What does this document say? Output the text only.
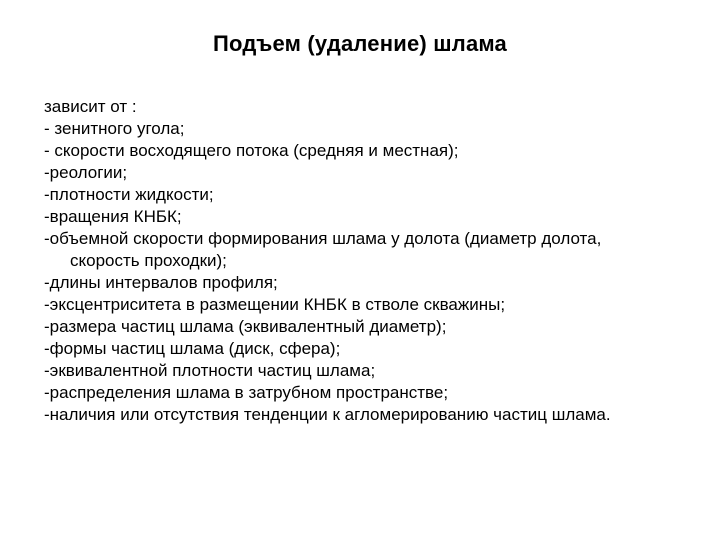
Подъем (удаление) шлама
зависит от :
- зенитного угола;
- скорости восходящего потока (средняя и местная);
-реологии;
-плотности жидкости;
-вращения КНБК;
-объемной скорости формирования шлама у долота (диаметр долота, скорость проходки);
-длины интервалов профиля;
-эксцентриситета в размещении КНБК в стволе скважины;
-размера частиц шлама (эквивалентный диаметр);
-формы частиц шлама (диск, сфера);
-эквивалентной плотности частиц шлама;
-распределения шлама в затрубном пространстве;
-наличия или отсутствия тенденции к агломерированию частиц шлама.
